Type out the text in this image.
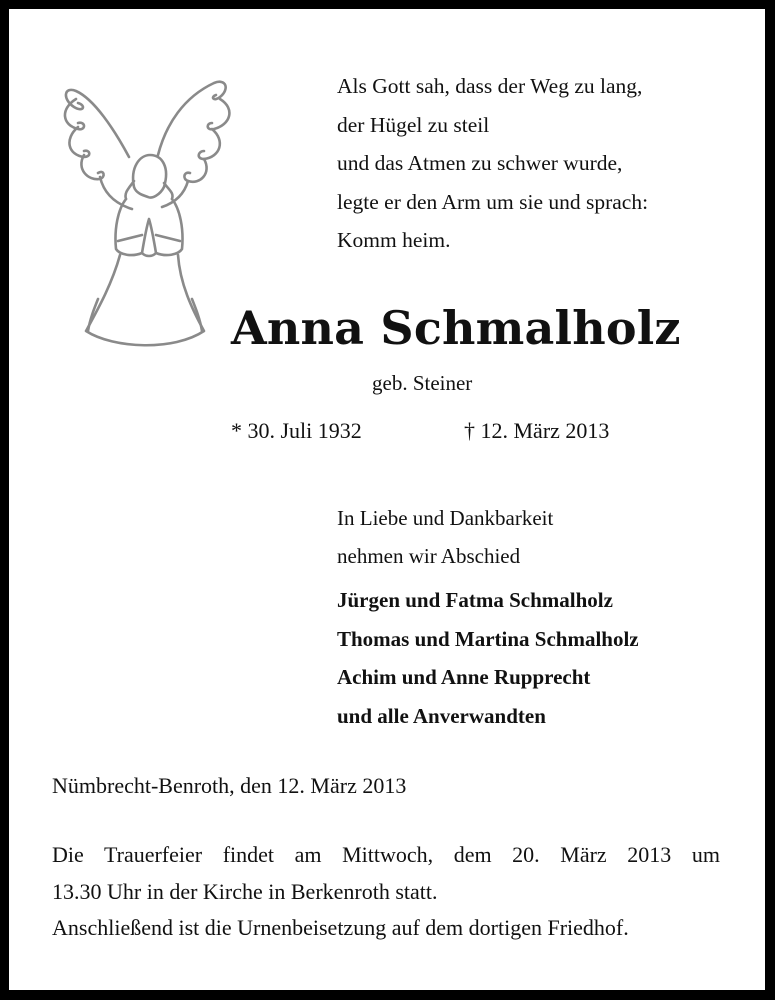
Als Gott sah, dass der Weg zu lang,
der Hügel zu steil
und das Atmen zu schwer wurde,
legte er den Arm um sie und sprach:
Komm heim.
Anna Schmalholz
geb. Steiner
* 30. Juli 1932	† 12. März 2013
In Liebe und Dankbarkeit
nehmen wir Abschied
Jürgen und Fatma Schmalholz
Thomas und Martina Schmalholz
Achim und Anne Rupprecht
und alle Anverwandten
Nümbrecht-Benroth, den 12. März 2013
Die Trauerfeier findet am Mittwoch, dem 20. März 2013 um
13.30 Uhr in der Kirche in Berkenroth statt.
Anschließend ist die Urnenbeisetzung auf dem dortigen Friedhof.
